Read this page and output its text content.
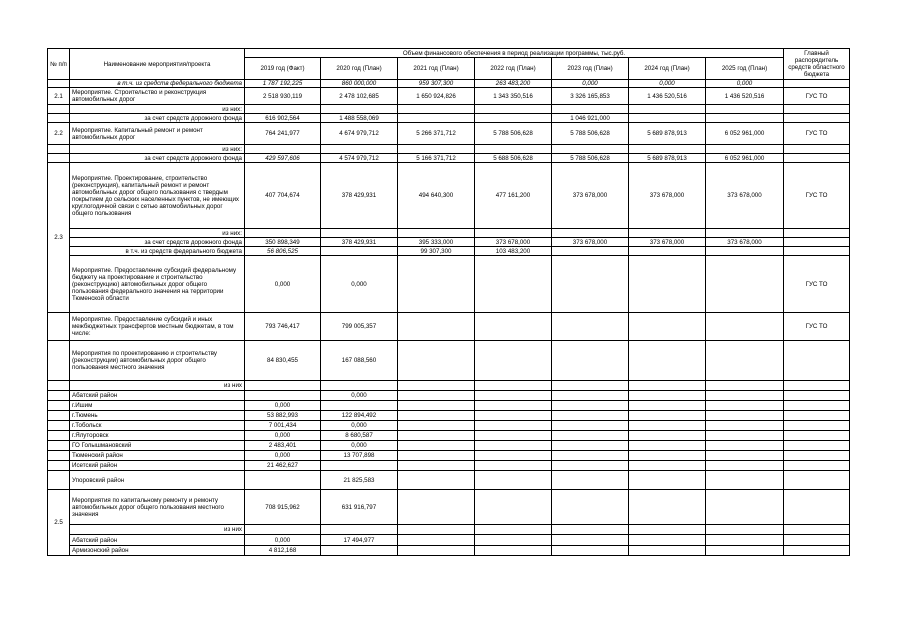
№ п/п	Наименование мероприятия/проекта	Объем финансового обеспечения в период реализации программы, тыс.руб.							Главный распорядитель средств областного бюджета
		2019 год (Факт)	2020 год (План)	2021 год (План)	2022 год (План)	2023 год (План)	2024 год (План)	2025 год (План)	
	в т.ч. из средств федерального бюджета	1 787 192,225	860 000,000	959 307,300	263 483,200	0,000	0,000	0,000	
2.1	Мероприятие. Строительство и реконструкция автомобильных дорог	2 518 930,119	2 478 102,685	1 650 924,826	1 343 350,516	3 326 165,853	1 436 520,516	1 436 520,516	ГУС ТО
	из них:								
	за счет средств дорожного фонда	616 902,564	1 488 558,069			1 046 921,000			
2.2	Мероприятие. Капитальный ремонт и ремонт автомобильных дорог	764 241,977	4 674 979,712	5 266 371,712	5 788 506,628	5 788 506,628	5 689 878,913	6 052 961,000	ГУС ТО
	из них:								
	за счет средств дорожного фонда	429 597,606	4 574 979,712	5 166 371,712	5 688 506,628	5 788 506,628	5 689 878,913	6 052 961,000	
2.3	Мероприятие. Проектирование, строительство (реконструкция), капитальный ремонт и ремонт автомобильных дорог общего пользования с твердым покрытием до сельских населенных пунктов, не имеющих круглогодичной связи с сетью автомобильных дорог общего пользования	407 704,674	378 429,931	494 640,300	477 161,200	373 678,000	373 678,000	373 678,000	ГУС ТО
	из них:								
	за счет средств дорожного фонда	350 898,349	378 429,931	395 333,000	373 678,000	373 678,000	373 678,000	373 678,000	
	в т.ч. из средств федерального бюджета	56 806,525		99 307,300	103 483,200				
	Мероприятие. Предоставление субсидий федеральному бюджету на проектирование и строительство (реконструкцию) автомобильных дорог общего пользования федерального значения на территории Тюменской области	0,000	0,000						ГУС ТО
	Мероприятие. Предоставление субсидий и иных межбюджетных трансфертов местным бюджетам, в том числе:	793 746,417	799 005,357						ГУС ТО
	Мероприятия по проектированию и строительству (реконструкции) автомобильных дорог общего пользования местного значения	84 830,455	167 088,560						
	из них								
	Абатский район		0,000						
	г.Ишим	0,000							
	г.Тюмень	53 882,993	122 894,492						
	г.Тобольск	7 001,434	0,000						
	г.Ялуторовск	0,000	8 680,587						
	ГО Голышмановский	2 483,401	0,000						
	Тюменский район	0,000	13 707,898						
	Исетский район	21 462,627							
	Упоровский район		21 825,583						
2.5	Мероприятия по капитальному ремонту и ремонту автомобильных дорог общего пользования местного значения	708 915,962	631 916,797						
	из них								
	Абатский район	0,000	17 494,977						
	Армизонский район	4 812,168							
